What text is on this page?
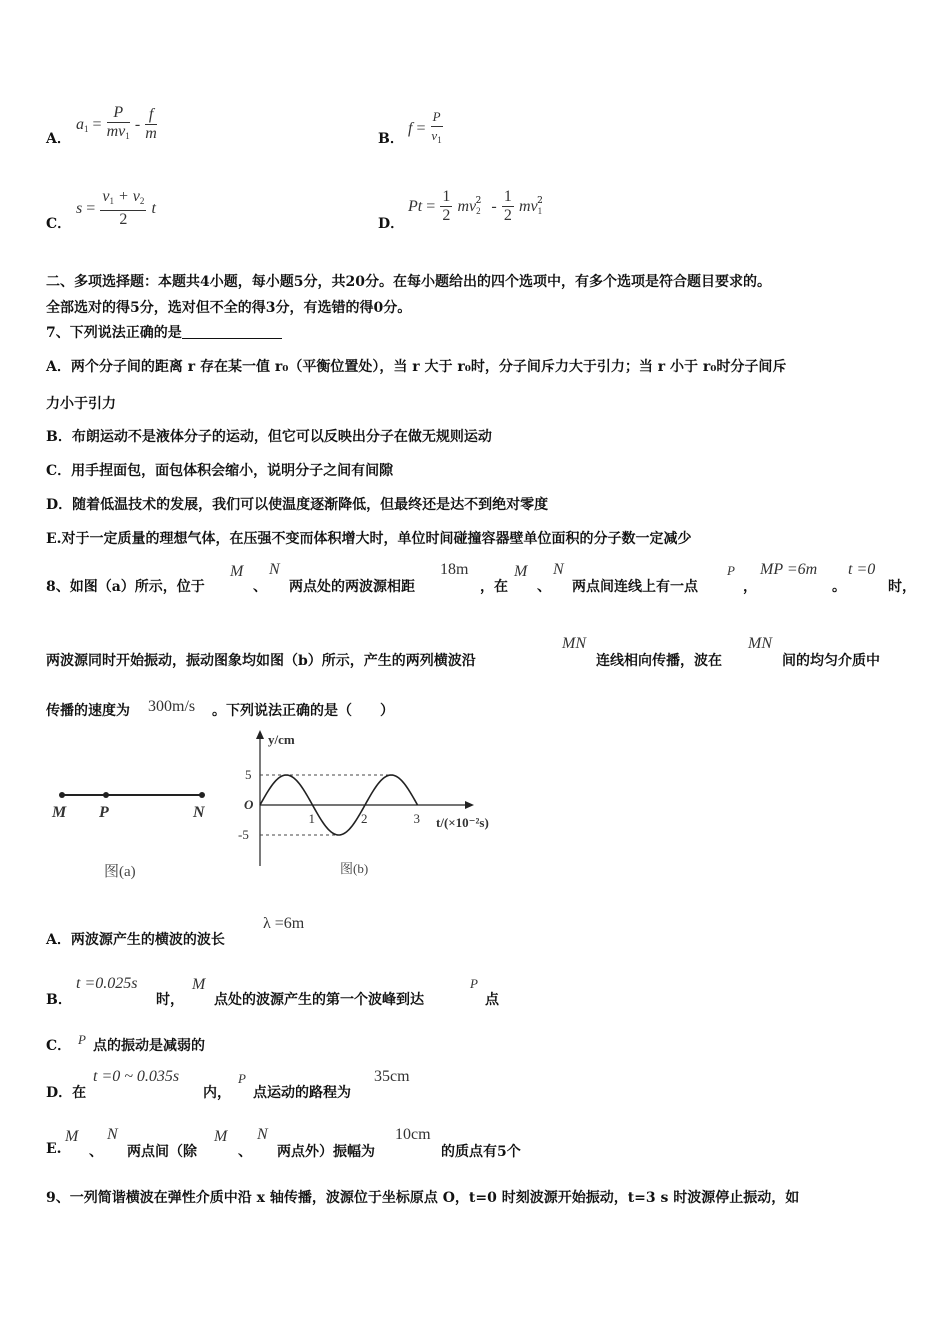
A．
$a_1 = \frac{P}{mv_1} - \frac{f}{m}$	B．
$f = \frac{P}{v_1}$
C．
$s = \frac{v_1 + v_2}{2}$ t
D．
$Pt = \frac{1}{2} mv_2^2 - \frac{1}{2} mv_1^2$
二、多项选择题：本题共4小题，每小题5分，共20分。在每小题给出的四个选项中，有多个选项是符合题目要求的。
全部选对的得5分，选对但不全的得3分，有选错的得0分。
7、下列说法正确的是
A．两个分子间的距离 r 存在某一值 r₀（平衡位置处），当 r 大于 r₀时，分子间斥力大于引力；当 r 小于 r₀时分子间斥
力小于引力
B．布朗运动不是液体分子的运动，但它可以反映出分子在做无规则运动
C．用手捏面包，面包体积会缩小，说明分子之间有间隙
D．随着低温技术的发展，我们可以使温度逐渐降低，但最终还是达不到绝对零度
E.对于一定质量的理想气体，在压强不变而体积增大时，单位时间碰撞容器壁单位面积的分子数一定减少
8、如图（a）所示，位于
M
、
N
两点处的两波源相距
18m
，在
M
、
N
两点间连线上有一点
P
，
MP =6m
。
t =0
时，
两波源同时开始振动，振动图象均如图（b）所示，产生的两列横波沿
MN
连线相向传播，波在
MN
间的均匀介质中
传播的速度为 300m/s 。下列说法正确的是（　　）
M P	N
图(a)
y/cm
t/(×10⁻²s)
O
5
-5
1	2	3
图(b)
A．两波源产生的横波的波长
λ =6m
B．
t =0.025s
时，
M
点处的波源产生的第一个波峰到达
P
点
C． P 点的振动是减弱的
D．在
t =0 ~ 0.035s
内，
P
点运动的路程为
35cm
E.
M
、
N
两点间（除
M
、
N
两点外）振幅为
10cm
的质点有5个
9、一列简谐横波在弹性介质中沿 x 轴传播，波源位于坐标原点 O，t=0 时刻波源开始振动，t=3 s 时波源停止振动，如
